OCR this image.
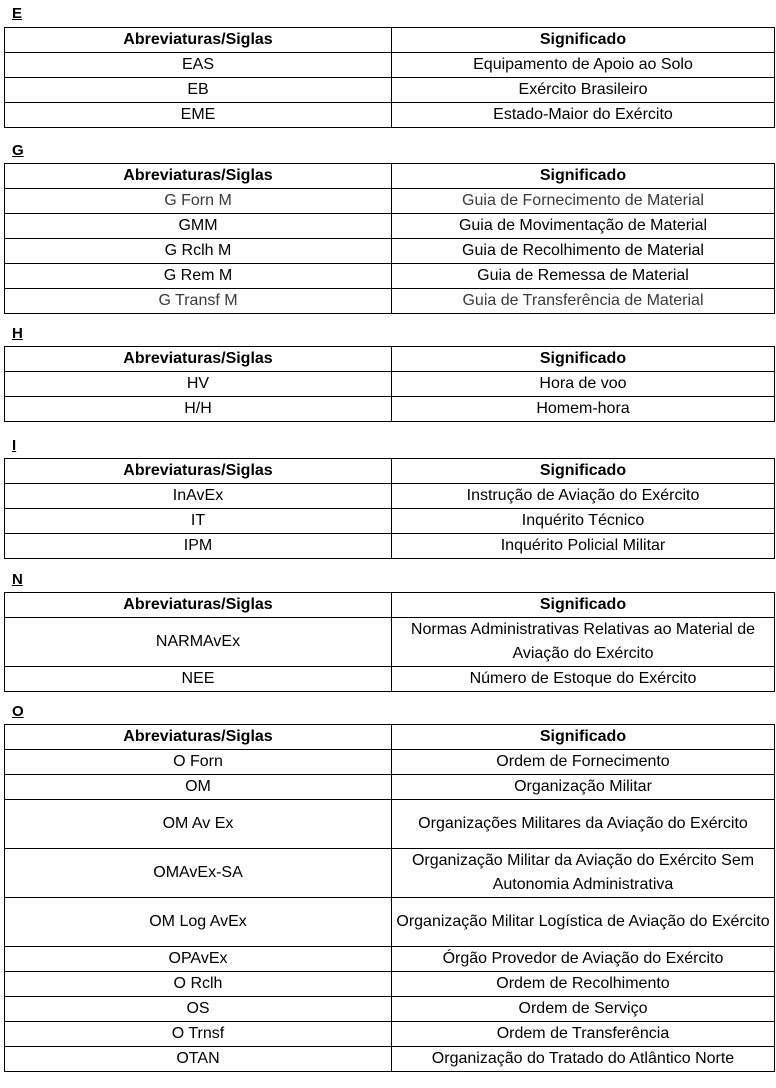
E
Abreviaturas/Siglas	Significado
EAS	Equipamento de Apoio ao Solo
EB	Exército Brasileiro
EME	Estado-Maior do Exército
G
Abreviaturas/Siglas	Significado
G Forn M	Guia de Fornecimento de Material
GMM	Guia de Movimentação de Material
G Rclh M	Guia de Recolhimento de Material
G Rem M	Guia de Remessa de Material
G Transf M	Guia de Transferência de Material
H
Abreviaturas/Siglas	Significado
HV	Hora de voo
H/H	Homem-hora
I
Abreviaturas/Siglas	Significado
InAvEx	Instrução de Aviação do Exército
IT	Inquérito Técnico
IPM	Inquérito Policial Militar
N
Abreviaturas/Siglas	Significado
NARMAvEx	Normas Administrativas Relativas ao Material de Aviação do Exército
NEE	Número de Estoque do Exército
O
Abreviaturas/Siglas	Significado
O Forn	Ordem de Fornecimento
OM	Organização Militar
OM Av Ex	Organizações Militares da Aviação do Exército
OMAvEx-SA	Organização Militar da Aviação do Exército Sem Autonomia Administrativa
OM Log AvEx	Organização Militar Logística de Aviação do Exército
OPAvEx	Órgão Provedor de Aviação do Exército
O Rclh	Ordem de Recolhimento
OS	Ordem de Serviço
O Trnsf	Ordem de Transferência
OTAN	Organização do Tratado do Atlântico Norte
